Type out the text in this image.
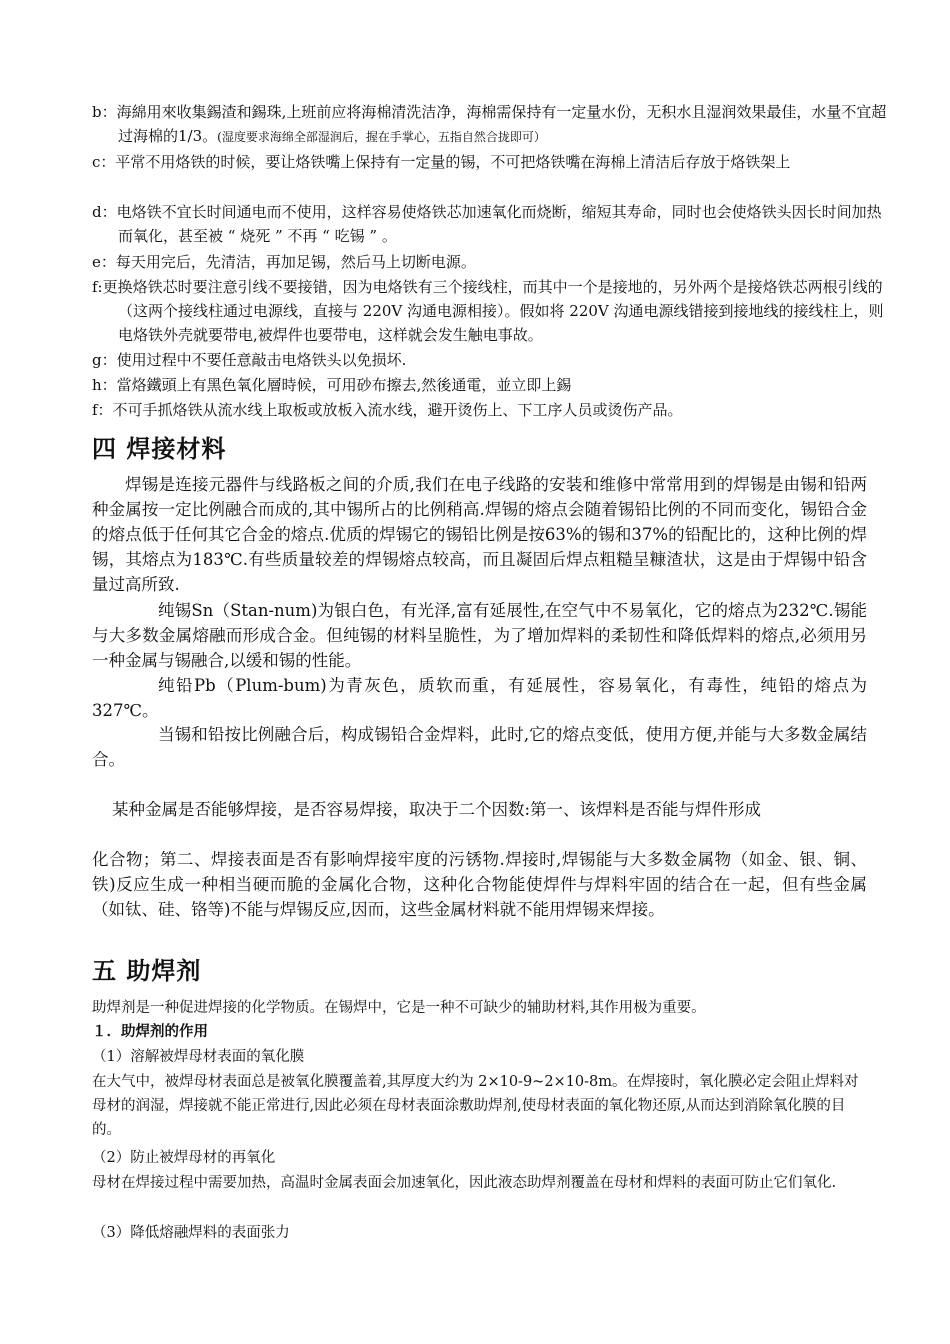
b：海綿用來收集錫渣和錫珠,上班前应将海棉清洗洁净，海棉需保持有一定量水份，无积水且湿润效果最佳，水量不宜超过海棉的1/3。(湿度要求海绵全部湿润后，握在手掌心，五指自然合拢即可）
c：平常不用烙铁的时候，要让烙铁嘴上保持有一定量的锡，不可把烙铁嘴在海棉上清洁后存放于烙铁架上
d：电烙铁不宜长时间通电而不使用，这样容易使烙铁芯加速氧化而烧断，缩短其寿命，同时也会使烙铁头因长时间加热而氧化，甚至被 “ 烧死 ” 不再 “ 吃锡 ” 。
e：每天用完后，先清洁，再加足锡，然后马上切断电源。
f:更换烙铁芯时要注意引线不要接错，因为电烙铁有三个接线柱，而其中一个是接地的，另外两个是接烙铁芯两根引线的（这两个接线柱通过电源线，直接与 220V 沟通电源相接）。假如将 220V 沟通电源线错接到接地线的接线柱上，则电烙铁外壳就要带电,被焊件也要带电，这样就会发生触电事故。
g：使用过程中不要任意敲击电烙铁头以免损坏.
h：當烙鐵頭上有黑色氧化層時候，可用砂布擦去,然後通電，並立即上錫
f：不可手抓烙铁从流水线上取板或放板入流水线，避开烫伤上、下工序人员或烫伤产品。
四 焊接材料
焊锡是连接元器件与线路板之间的介质,我们在电子线路的安装和维修中常常用到的焊锡是由锡和铅两种金属按一定比例融合而成的,其中锡所占的比例稍高.焊锡的熔点会随着锡铅比例的不同而变化，锡铅合金的熔点低于任何其它合金的熔点.优质的焊锡它的锡铅比例是按63%的锡和37%的铅配比的，这种比例的焊锡，其熔点为183℃.有些质量较差的焊锡熔点较高，而且凝固后焊点粗糙呈糠渣状，这是由于焊锡中铅含量过高所致.
纯锡Sn（Stan-num)为银白色，有光泽,富有延展性,在空气中不易氧化，它的熔点为232℃.锡能与大多数金属熔融而形成合金。但纯锡的材料呈脆性，为了增加焊料的柔韧性和降低焊料的熔点,必须用另一种金属与锡融合,以缓和锡的性能。
纯铅Pb（Plum-bum)为青灰色，质软而重，有延展性，容易氧化，有毒性，纯铅的熔点为327℃。
当锡和铅按比例融合后，构成锡铅合金焊料，此时,它的熔点变低，使用方便,并能与大多数金属结合。
某种金属是否能够焊接，是否容易焊接，取决于二个因数:第一、该焊料是否能与焊件形成
化合物；第二、焊接表面是否有影响焊接牢度的污锈物.焊接时,焊锡能与大多数金属物（如金、银、铜、铁)反应生成一种相当硬而脆的金属化合物，这种化合物能使焊件与焊料牢固的结合在一起，但有些金属（如钛、硅、铬等)不能与焊锡反应,因而，这些金属材料就不能用焊锡来焊接。
五 助焊剂
助焊剂是一种促进焊接的化学物质。在锡焊中，它是一种不可缺少的辅助材料,其作用极为重要。
１．助焊剂的作用
（1）溶解被焊母材表面的氧化膜
在大气中，被焊母材表面总是被氧化膜覆盖着,其厚度大约为 2×10-9~2×10-8m。在焊接时，氧化膜必定会阻止焊料对母材的润湿，焊接就不能正常进行,因此必须在母材表面涂敷助焊剂,使母材表面的氧化物还原,从而达到消除氧化膜的目的。
（2）防止被焊母材的再氧化
母材在焊接过程中需要加热，高温时金属表面会加速氧化，因此液态助焊剂覆盖在母材和焊料的表面可防止它们氧化.
（3）降低熔融焊料的表面张力
